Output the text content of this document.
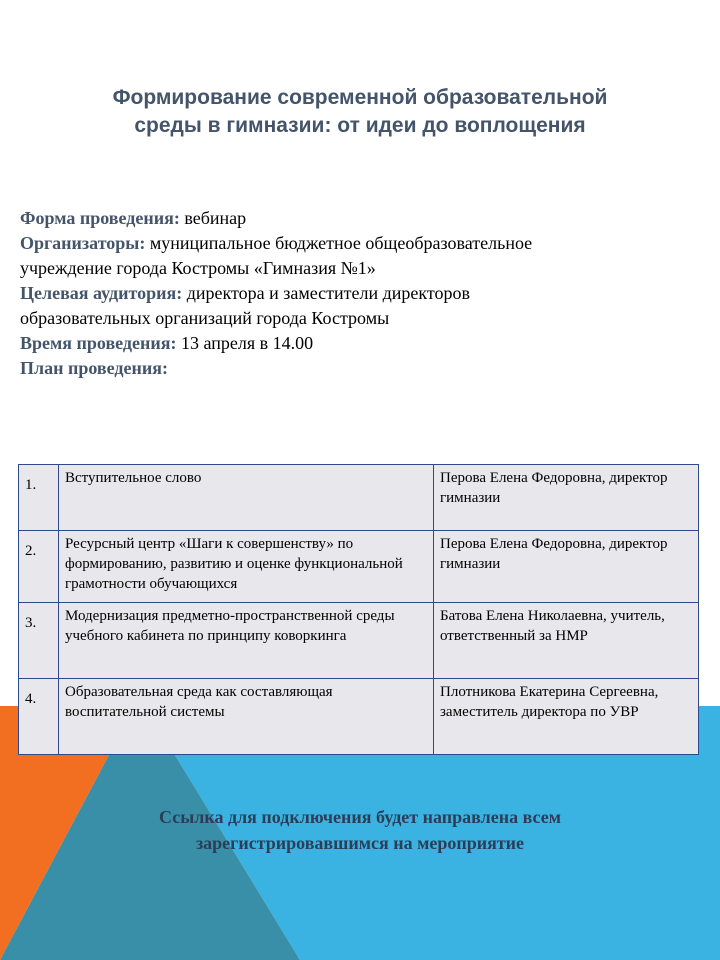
Формирование современной образовательной
среды в гимназии: от идеи до воплощения
Форма проведения: вебинар
Организаторы: муниципальное бюджетное общеобразовательное
учреждение города Костромы «Гимназия №1»
Целевая аудитория: директора и заместители директоров
образовательных организаций города Костромы
Время проведения: 13 апреля в 14.00
План проведения:
1.	Вступительное слово	Перова Елена Федоровна, директор гимназии
2.	Ресурсный центр «Шаги к совершенству» по формированию, развитию и оценке функциональной грамотности обучающихся	Перова Елена Федоровна, директор гимназии
3.	Модернизация предметно-пространственной среды учебного кабинета по принципу коворкинга	Батова Елена Николаевна, учитель, ответственный за НМР
4.	Образовательная среда как составляющая воспитательной системы	Плотникова Екатерина Сергеевна, заместитель директора по УВР
Ссылка для подключения будет направлена всем
зарегистрировавшимся на мероприятие
